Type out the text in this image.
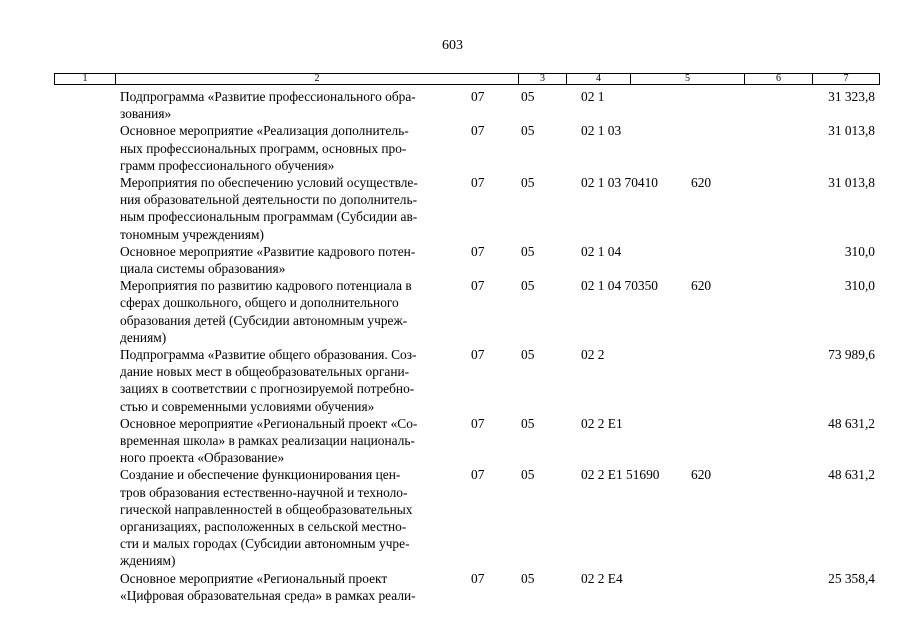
603
1	2	3	4	5	6	7
Подпрограмма «Развитие профессионального обра-
зования»
07	05	02 1	31 323,8
Основное мероприятие «Реализация дополнитель-
ных профессиональных программ, основных про-
грамм профессионального обучения»
07	05	02 1 03	31 013,8
Мероприятия по обеспечению условий осуществле-
ния образовательной деятельности по дополнитель-
ным профессиональным программам (Субсидии ав-
тономным учреждениям)
07	05	02 1 03 70410 620	31 013,8
Основное мероприятие «Развитие кадрового потен-
циала системы образования»
07	05	02 1 04	310,0
Мероприятия по развитию кадрового потенциала в
сферах дошкольного, общего и дополнительного
образования детей (Субсидии автономным учреж-
дениям)
07	05	02 1 04 70350 620	310,0
Подпрограмма «Развитие общего образования. Соз-
дание новых мест в общеобразовательных органи-
зациях в соответствии с прогнозируемой потребно-
стью и современными условиями обучения»
07	05	02 2	73 989,6
Основное мероприятие «Региональный проект «Со-
временная школа» в рамках реализации националь-
ного проекта «Образование»
07	05	02 2 E1	48 631,2
Создание и обеспечение функционирования цен-
тров образования естественно-научной и техноло-
гической направленностей в общеобразовательных
организациях, расположенных в сельской местно-
сти и малых городах (Субсидии автономным учре-
ждениям)
07	05	02 2 E1 51690 620	48 631,2
Основное мероприятие «Региональный проект
«Цифровая образовательная среда» в рамках реали-
07	05	02 2 E4	25 358,4
